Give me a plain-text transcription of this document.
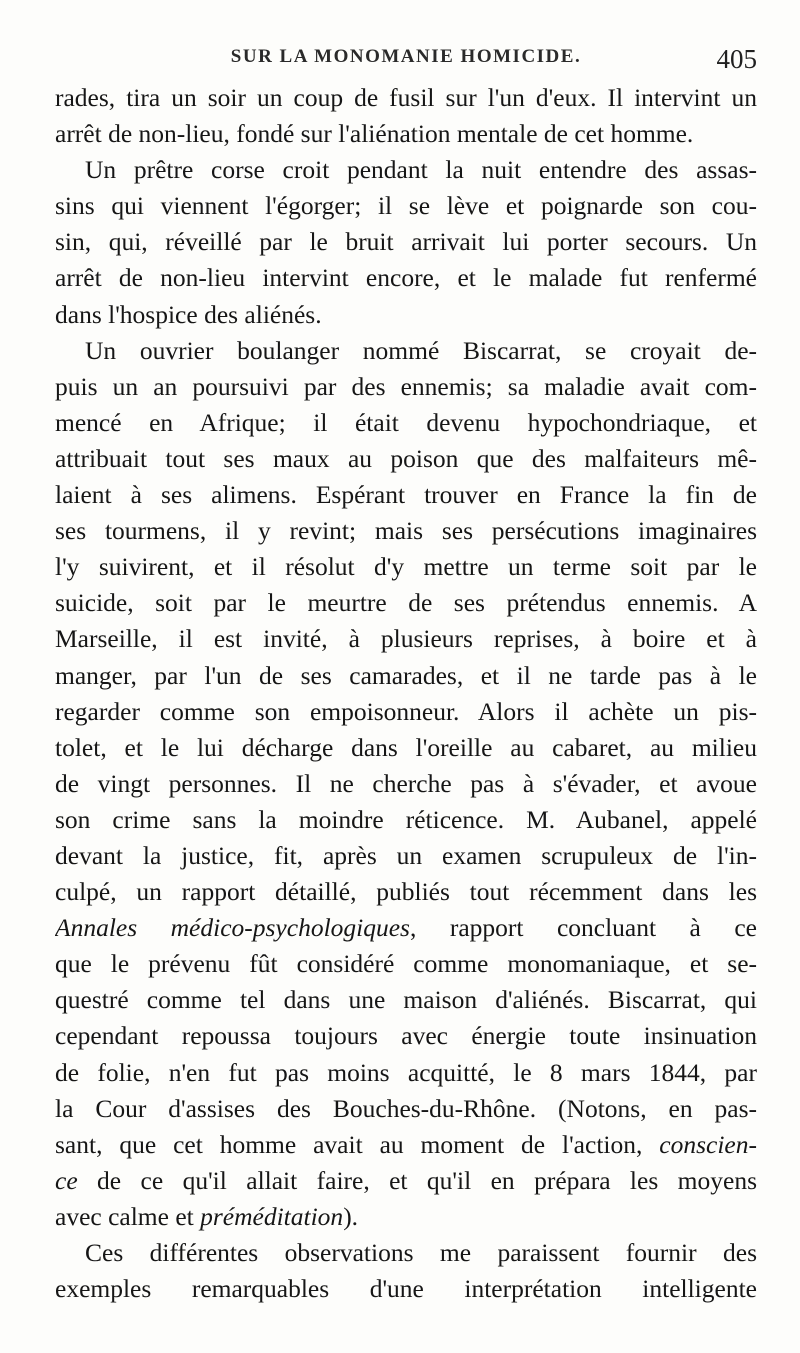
SUR LA MONOMANIE HOMICIDE.	405
rades, tira un soir un coup de fusil sur l'un d'eux. Il intervint un
arrêt de non-lieu, fondé sur l'aliénation mentale de cet homme.
Un prêtre corse croit pendant la nuit entendre des assas-
sins qui viennent l'égorger; il se lève et poignarde son cou-
sin, qui, réveillé par le bruit arrivait lui porter secours. Un
arrêt de non-lieu intervint encore, et le malade fut renfermé
dans l'hospice des aliénés.
Un ouvrier boulanger nommé Biscarrat, se croyait de-
puis un an poursuivi par des ennemis; sa maladie avait com-
mencé en Afrique; il était devenu hypochondriaque, et
attribuait tout ses maux au poison que des malfaiteurs mê-
laient à ses alimens. Espérant trouver en France la fin de
ses tourmens, il y revint; mais ses persécutions imaginaires
l'y suivirent, et il résolut d'y mettre un terme soit par le
suicide, soit par le meurtre de ses prétendus ennemis. A
Marseille, il est invité, à plusieurs reprises, à boire et à
manger, par l'un de ses camarades, et il ne tarde pas à le
regarder comme son empoisonneur. Alors il achète un pis-
tolet, et le lui décharge dans l'oreille au cabaret, au milieu
de vingt personnes. Il ne cherche pas à s'évader, et avoue
son crime sans la moindre réticence. M. Aubanel, appelé
devant la justice, fit, après un examen scrupuleux de l'in-
culpé, un rapport détaillé, publiés tout récemment dans les
Annales médico-psychologiques, rapport concluant à ce
que le prévenu fût considéré comme monomaniaque, et se-
questré comme tel dans une maison d'aliénés. Biscarrat, qui
cependant repoussa toujours avec énergie toute insinuation
de folie, n'en fut pas moins acquitté, le 8 mars 1844, par
la Cour d'assises des Bouches-du-Rhône. (Notons, en pas-
sant, que cet homme avait au moment de l'action, conscien-
ce de ce qu'il allait faire, et qu'il en prépara les moyens
avec calme et préméditation).
Ces différentes observations me paraissent fournir des
exemples remarquables d'une interprétation intelligente
